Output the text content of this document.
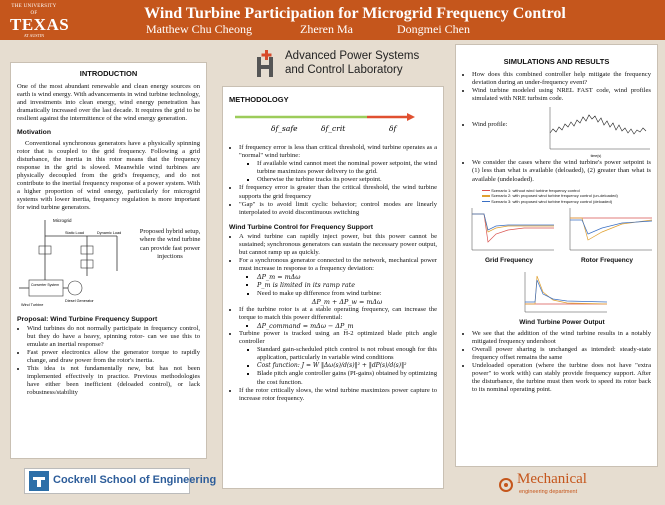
THE UNIVERSITY OF
TEXAS
AT AUSTIN
Wind Turbine Participation for Microgrid Frequency Control
Matthew Chu Cheong	Zheren Ma	Dongmei Chen
Advanced Power Systems
and Control Laboratory
INTRODUCTION

One of the most abundant renewable and clean energy sources on earth is wind energy. With advancements in wind turbine technology, and investments into clean energy, wind energy penetration has dramatically increased over the last decade. It requires the grid to be resilient against the intermittence of the wind energy generation.

Motivation

Conventional synchronous generators have a physically spinning rotor that is coupled to the grid frequency. Following a grid disturbance, the inertia in this rotor means that the frequency response in the grid is slowed. Meanwhile wind turbines are physically decoupled from the grid's frequency, and do not contribute to the inertial frequency response of a power system. With a higher proportion of wind energy, particularly for microgrid systems with lower inertia, frequency regulation is more important for wind turbine generators.

Microgrid
Static Load	Dynamic Load
Converter System
Wind Turbine
Diesel Generator
Proposed hybrid setup, where the wind turbine can provide fast power injections
Proposal: Wind Turbine Frequency Support
• Wind turbines do not normally participate in frequency control, but they do have a heavy, spinning rotor- can we use this to emulate an inertial response?
• Fast power electronics allow the generator torque to rapidly change, and draw power from the rotor's inertia.
• This idea is not fundamentally new, but has not been implemented effectively in practice. Previous methodologies have either been inefficient (deloaded control), or lack robustness/stability
METHODOLOGY
δf_safe	δf_crit	δf
• If frequency error is less than critical threshold, wind turbine operates as a "normal" wind turbine:
▪ If available wind cannot meet the nominal power setpoint, the wind turbine maximizes power delivery to the grid.
▪ Otherwise the turbine tracks its power setpoint.
• If frequency error is greater than the critical threshold, the wind turbine supports the grid frequency
• "Gap" is to avoid limit cyclic behavior; control modes are linearly interpolated to avoid discontinuous switching
Wind Turbine Control for Frequency Support
• A wind turbine can rapidly inject power, but this power cannot be sustained; synchronous generators can sustain the necessary power output, but cannot ramp up as quickly.
• For a synchronous generator connected to the network, mechanical power must increase in response to a frequency deviation:
▪ ΔP_m = mΔω
▪ P_m is limited in its ramp rate
▪ Need to make up difference from wind turbine:
ΔP_m + ΔP_w = mΔω
• If the turbine rotor is at a stable operating frequency, can increase the torque to match this power differential:
▪ ΔP_command = mΔω − ΔP_m
• Turbine power is tracked using an H-2 optimized blade pitch angle controller
▪ Standard gain-scheduled pitch control is not robust enough for this application, particularly in variable wind conditions
▪ Cost function: J = W ‖Δω(s)/d(s)‖² + ‖dP(s)/d(s)‖²
▪ Blade pitch angle controller gains (PI-gains) obtained by optimizing the cost function.
• If the rotor critically slows, the wind turbine maximizes power capture to increase rotor frequency.
SIMULATIONS AND RESULTS
• How does this combined controller help mitigate the frequency deviation during an under-frequency event?
• Wind turbine modeled using NREL FAST code, wind profiles simulated with NRE turbsim code.
• Wind profile:
time(s)
• We consider the cases where the wind turbine's power setpoint is (1) less than what is available (deloaded), (2) greater than what is available (undeloaded).
Scenario 1: without wind turbine frequency control
Scenario 2: with proposed wind turbine frequency control (un-deloaded)
Scenario 3: with proposed wind turbine frequency control (deloaded)
Grid Frequency	Rotor Frequency
Wind Turbine Power Output
• We see that the addition of the wind turbine results in a notably mitigated frequency undershoot
• Overall power sharing is unchanged as intended: steady-state frequency offset remains the same
• Undeloaded operation (where the turbine does not have "extra power" to work with) can stably provide frequency support. After the disturbance, the turbine must then work to speed its rotor back to its nominal operating point.
Cockrell School of Engineering	Mechanical
engineering department
